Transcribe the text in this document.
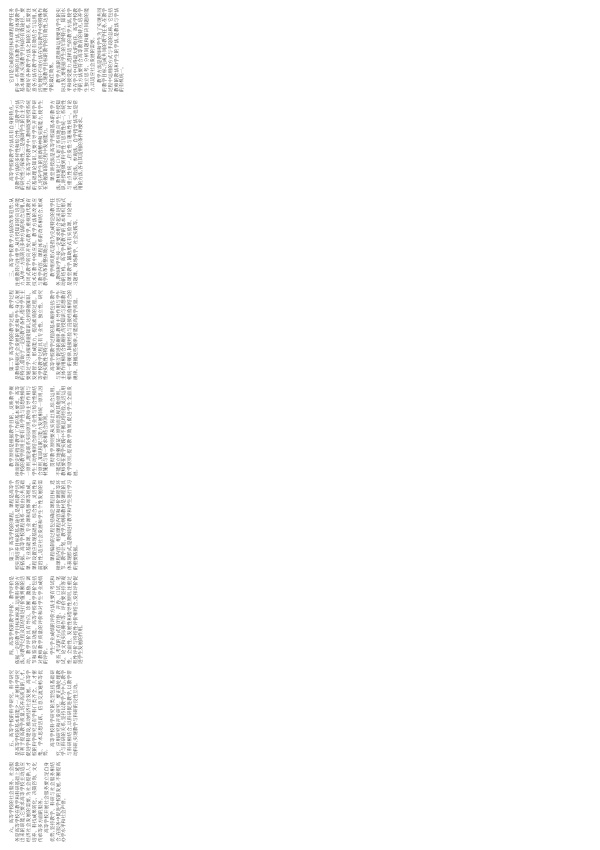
它们是完成的的目标和课程教学任务的多一系列的具体教学方法,是体现教学基本规律,实现教学目标的有效途径。要把握好各种教学方法之间的关系,需要注意各方法在教学中的有效结合与运用,灵活处理好不同方法在实际教学中的特殊作用,实现教学目标的教学的有效性,达到教学的最佳效果。 教学方法的选择和运用要从学生的实际出发,要根据学生的年龄特点、知识水平和接受能力,选择适当的教学方法,使学生在学习中获得最大的收获。高等学校教学的方法要符合高等教育的特点,培养学生独立思考、分析问题和解决问题的能力,以适应社会发展的需要。 教学方法是教师和学生为了实现共同的教学目标,完成共同的教学任务,在教学过程中运用的方式与手段的总称。它包括教师的教法和学生的学法,是教法与学法的有机统一。

高等学校的教学方法具有自身的特点,一是教学方法的多样性和综合性,二是教学方法的研究性与探索性,三是强调学生的自主学习能力。在高等学校教学中,教师既要传授系统的基础理论知识,又要引导学生开展科学研究,培养学生的创新精神和实践能力,使学生在掌握知识的过程中发展能力。 课堂讲授法是高等学校最基本的教学方法,教师通过口头语言系统地向学生传授知识,讲授要做到科学性与思想性统一,系统性与重点性统一,启发性与趣味性统一。讨论法、实验法、参观法、自学指导法等也是常用的方法,各有其适用的条件和要求。

三、高等学校教学方法的改革趋势:从注重教转向注重学,从传授知识转向培养能力,从单一方法转向多种方法的综合运用,从封闭式教学转向开放式教学,重视现代教育技术在教学中的应用。教学方法的改革应与教学内容、课程体系的改革相结合,形成教学改革的整体效应。 教学组织形式是指为完成特定的教学任务,教师和学生按一定要求组合起来进行活动的结构。高等学校教学的基本组织形式是课堂教学,辅助形式有实验课、讨论课、习题课、现场教学、社会实践等。

第二节 高等学校的教学过程。教学过程是教师根据社会发展的要求和学生身心发展的特点,借助于一定的教学条件,指导学生主要通过学习和探索间接知识,达到掌握知识、发展智力、形成能力、提高素质的过程。高等学校教学过程具有专业性、独立性、研究性和实践性等特点。 高等学校教学过程的基本规律包括:教学与发展相互促进的规律,教师主导作用与学生主体作用相结合的规律,传授知识与思想教育相统一的规律,间接经验与直接经验相结合的规律。遵循这些规律,才能提高教学质量。

教学原则是根据教学目的、反映教学规律而制定的指导教学工作的基本要求。高等学校的教学原则主要有:科学性与思想性相统一原则,理论联系实际原则,教师主导作用与学生主动性相结合原则,专业性与综合性相结合原则,知识积累与能力发展相统一原则,因材施教与统一要求相结合原则。 贯彻教学原则要从实际出发,综合运用,不能孤立地强调某一原则而忽视其他原则。教师要在教学实践中不断总结经验,灵活运用教学原则,提高教学效果,促进学生全面发展。

第三节 高等学校的课程。课程是高等学校实现培养目标的基本途径,是组织教学活动的依据。高等学校课程体系一般由公共基础课、专业基础课、专业课和选修课等组成。课程设置应体现基础性、综合性、灵活性和前沿性,适应社会发展和学生个性发展的需要。

课程编制的过程包括确定课程目标、选择课程内容、组织课程内容和评价课程等环节。教学计划、教学大纲和教材是课程的具体表现形式,是教师进行教学和学生进行学习的重要依据。

四、高等学校的教学评价。教学评价是依据一定的教学目标和标准,运用科学的方法,对教学过程及其结果进行价值判断的活动。教学评价具有导向、诊断、激励、调节和鉴定等功能。高等学校教学评价包括对教师教学质量的评价和对学生学业成绩的评价。 学生学业成绩的评价方法主要有考试和考查,考试的方式有闭卷、开卷、口试、笔试、论文和实际操作等。评价要坚持客观性、全面性、发展性和指导性原则,注重过程性评价与终结性评价相结合,发挥评价促进学生发展的作用。

五、高等学校的科学研究。科学研究是高等学校的基本职能之一,开展科学研究有利于提高教学质量,培养高质量的人才,促进学科建设,推动经济社会发展。高等学校的科学研究具有学科门类齐全、人才密集、学术思想活跃、信息交流通畅等优势。

高等学校科学研究的类型包括基础研究、应用研究和开发研究。要正确处理教学与科研的关系,坚持以教学为中心,教学与科研相结合,以科研促进教学,以教学带动科研,实现教学与科研的良性互动。

六、高等学校的社会服务。社会服务是高等学校在教学和科研基础上延伸出来的职能,它要求高等学校主动适应经济社会发展的需要,为社会提供人才培养、科技成果转化、决策咨询、文化传承等多方面的服务。 高等学校开展社会服务要立足自身优势,坚持教学、科研与社会服务相结合,在服务中促进学校的发展,不断提高办学水平和社会声誉。
